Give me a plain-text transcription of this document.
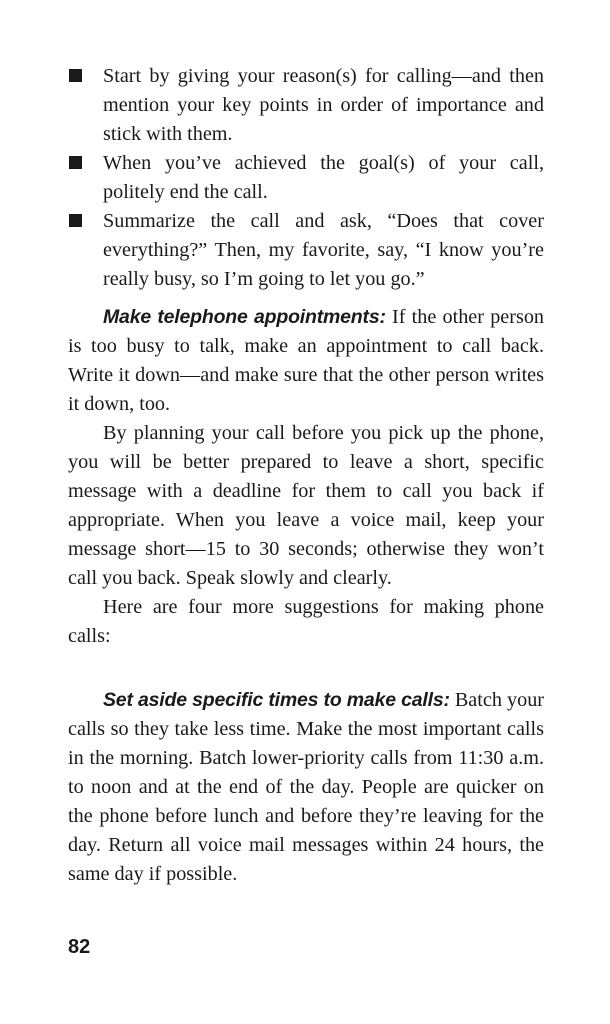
Start by giving your reason(s) for calling—and then mention your key points in order of importance and stick with them.
When you’ve achieved the goal(s) of your call, politely end the call.
Summarize the call and ask, “Does that cover everything?” Then, my favorite, say, “I know you’re really busy, so I’m going to let you go.”

Make telephone appointments: If the other person is too busy to talk, make an appointment to call back. Write it down—and make sure that the other person writes it down, too.

By planning your call before you pick up the phone, you will be better prepared to leave a short, specific message with a deadline for them to call you back if appropriate. When you leave a voice mail, keep your message short—15 to 30 seconds; otherwise they won’t call you back. Speak slowly and clearly.

Here are four more suggestions for making phone calls:

Set aside specific times to make calls: Batch your calls so they take less time. Make the most important calls in the morning. Batch lower-priority calls from 11:30 a.m. to noon and at the end of the day. People are quicker on the phone before lunch and before they’re leaving for the day. Return all voice mail messages within 24 hours, the same day if possible.

82
